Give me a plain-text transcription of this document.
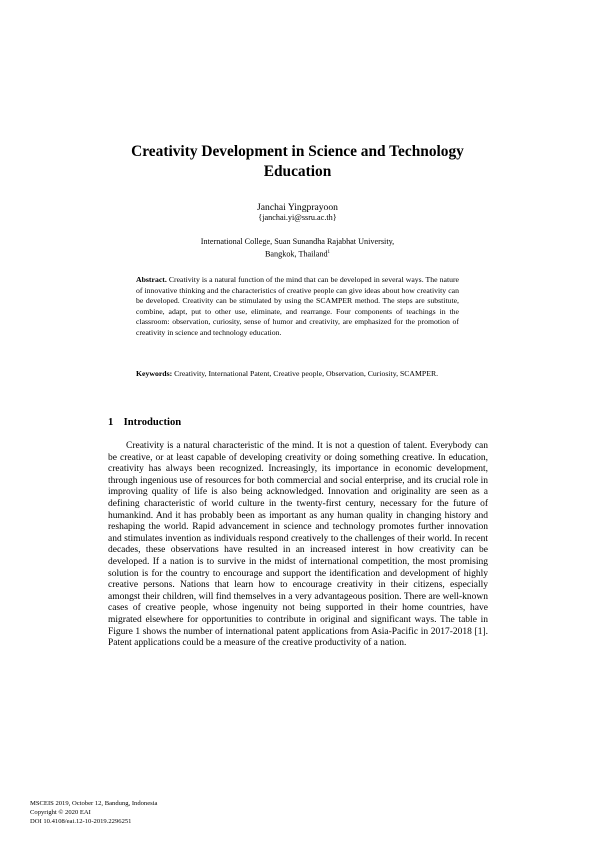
Creativity Development in Science and Technology
Education
Janchai Yingprayoon
{janchai.yi@ssru.ac.th}
International College, Suan Sunandha Rajabhat University,
Bangkok, Thailand$^1$
Abstract. Creativity is a natural function of the mind that can be developed in several ways. The nature of innovative thinking and the characteristics of creative people can give ideas about how creativity can be developed. Creativity can be stimulated by using the SCAMPER method. The steps are substitute, combine, adapt, put to other use, eliminate, and rearrange. Four components of teachings in the classroom: observation, curiosity, sense of humor and creativity, are emphasized for the promotion of creativity in science and technology education.
Keywords: Creativity, International Patent, Creative people, Observation, Curiosity, SCAMPER.
1 Introduction

Creativity is a natural characteristic of the mind. It is not a question of talent. Everybody can be creative, or at least capable of developing creativity or doing something creative. In education, creativity has always been recognized. Increasingly, its importance in economic development, through ingenious use of resources for both commercial and social enterprise, and its crucial role in improving quality of life is also being acknowledged. Innovation and originality are seen as a defining characteristic of world culture in the twenty-first century, necessary for the future of humankind. And it has probably been as important as any human quality in changing history and reshaping the world. Rapid advancement in science and technology promotes further innovation and stimulates invention as individuals respond creatively to the challenges of their world. In recent decades, these observations have resulted in an increased interest in how creativity can be developed. If a nation is to survive in the midst of international competition, the most promising solution is for the country to encourage and support the identification and development of highly creative persons. Nations that learn how to encourage creativity in their citizens, especially amongst their children, will find themselves in a very advantageous position. There are well-known cases of creative people, whose ingenuity not being supported in their home countries, have migrated elsewhere for opportunities to contribute in original and significant ways. The table in Figure 1 shows the number of international patent applications from Asia-Pacific in 2017-2018 [1]. Patent applications could be a measure of the creative productivity of a nation.

MSCEIS 2019, October 12, Bandung, Indonesia
Copyright © 2020 EAI
DOI 10.4108/eai.12-10-2019.2296251
